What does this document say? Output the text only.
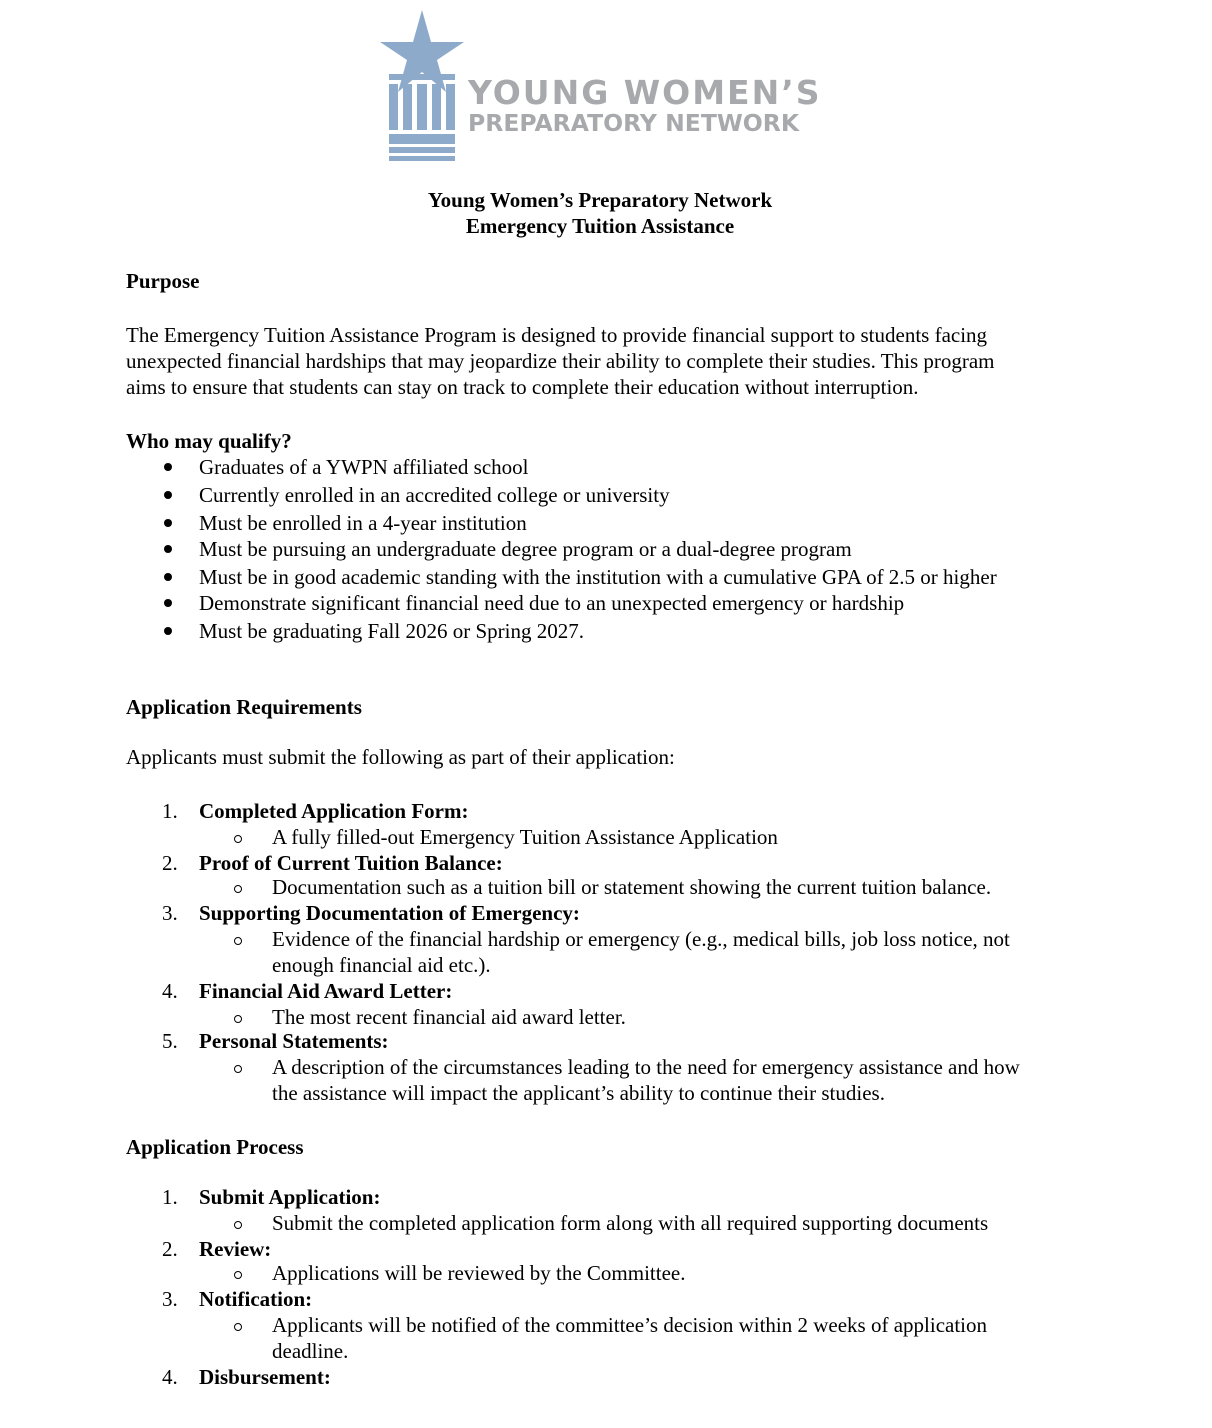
YOUNG WOMEN’S
PREPARATORY NETWORK
Young Women’s Preparatory Network
Emergency Tuition Assistance
Purpose
The Emergency Tuition Assistance Program is designed to provide financial support to students facing
unexpected financial hardships that may jeopardize their ability to complete their studies. This program
aims to ensure that students can stay on track to complete their education without interruption.
Who may qualify?
Graduates of a YWPN affiliated school
Currently enrolled in an accredited college or university
Must be enrolled in a 4-year institution
Must be pursuing an undergraduate degree program or a dual-degree program
Must be in good academic standing with the institution with a cumulative GPA of 2.5 or higher
Demonstrate significant financial need due to an unexpected emergency or hardship
Must be graduating Fall 2026 or Spring 2027.
Application Requirements
Applicants must submit the following as part of their application:
1. Completed Application Form:
A fully filled-out Emergency Tuition Assistance Application
2. Proof of Current Tuition Balance:
Documentation such as a tuition bill or statement showing the current tuition balance.
3. Supporting Documentation of Emergency:
Evidence of the financial hardship or emergency (e.g., medical bills, job loss notice, not
enough financial aid etc.).
4. Financial Aid Award Letter:
The most recent financial aid award letter.
5. Personal Statements:
A description of the circumstances leading to the need for emergency assistance and how
the assistance will impact the applicant’s ability to continue their studies.
Application Process
1. Submit Application:
Submit the completed application form along with all required supporting documents
2. Review:
Applications will be reviewed by the Committee.
3. Notification:
Applicants will be notified of the committee’s decision within 2 weeks of application
deadline.
4. Disbursement:
